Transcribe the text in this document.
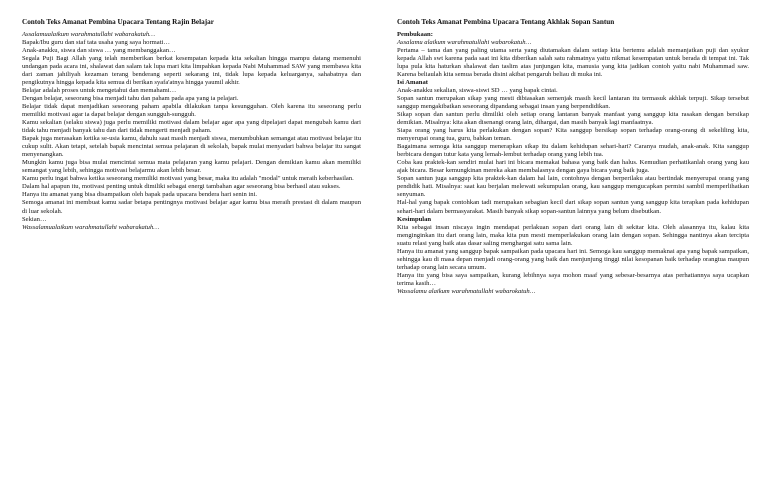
Contoh Teks Amanat Pembina Upacara Tentang Rajin Belajar

Assalamualaikum warahmatullahi wabarakatuh…

Bapak/Ibu guru dan staf tata usaha yang saya hormati…

Anak-anakku, siswa dan siswa … yang membanggakan…

Segala Puji Bagi Allah yang telah memberikan berkat kesempatan kepada kita sekalian hingga mampu datang memenuhi undangan pada acara ini, shalawat dan salam tak lupa mari kita limpahkan kepada Nabi Muhammad SAW yang membawa kita dari zaman jahiliyah kezaman terang benderang seperti sekarang ini, tidak lupa kepada keluarganya, sahabatnya dan pengikutnya hingga kepada kita semua di berikan syafa'atnya hingga yaumil akhir.

Belajar adalah proses untuk mengetahui dan memahami…

Dengan belajar, seseorang bisa menjadi tahu dan paham pada apa yang ia pelajari.

Belajar tidak dapat menjadikan seseorang paham apabila dilakukan tanpa kesungguhan. Oleh karena itu seseorang perlu memiliki motivasi agar ia dapat belajar dengan sungguh-sungguh.

Kamu sekalian (selaku siswa) juga perlu memiliki motivasi dalam belajar agar apa yang dipelajari dapat mengubah kamu dari tidak tahu menjadi banyak tahu dan dari tidak mengerti menjadi paham.

Bapak juga merasakan ketika se-usia kamu, dahulu saat masih menjadi siswa, menumbuhkan semangat atau motivasi belajar itu cukup sulit. Akan tetapi, setelah bapak mencintai semua pelajaran di sekolah, bapak mulai menyadari bahwa belajar itu sangat menyenangkan.

Mungkin kamu juga bisa mulai mencintai semua mata pelajaran yang kamu pelajari. Dengan demikian kamu akan memiliki semangat yang lebih, sehingga motivasi belajarmu akan lebih besar.

Kamu perlu ingat bahwa ketika seseorang memiliki motivasi yang besar, maka itu adalah "modal" untuk meraih keberhasilan.

Dalam hal apapun itu, motivasi penting untuk dimiliki sebagai energi tambahan agar seseorang bisa berhasil atau sukses.

Hanya itu amanat yang bisa disampaikan oleh bapak pada upacara bendera hari senin ini.

Semoga amanat ini membuat kamu sadar betapa pentingnya motivasi belajar agar kamu bisa meraih prestasi di dalam maupun di luar sekolah.

Sekian…

Wassalamualaikum warahmatullahi wabarakatuh…

Contoh Teks Amanat Pembina Upacara Tentang Akhlak Sopan Santun

Pembukaan:

Assalamu alaikum warahmatullahi wabarokatuh…

Pertama – tama dan yang paling utama serta yang diutamakan dalam setiap kita bertemu adalah memanjatkan puji dan syukur kepada Allah swt karena pada saat ini kita diberikan salah satu rahmatnya yaitu nikmat kesempatan untuk berada di tempat ini. Tak lupa pula kita haturkan shalawat dan taslim atas junjungan kita, manusia yang kita jadikan contoh yaitu nabi Muhammad saw. Karena beliaulah kita semua berada disini akibat pengaruh beliau di muka ini.

Isi Amanat

Anak-anakku sekalian, siswa-siswi SD … yang bapak cintai.

Sopan santun merupakan sikap yang mesti dibiasakan semenjak masih kecil lantaran itu termasuk akhlak terpuji. Sikap tersebut sanggup mengakibatkan seseorang dipandang sebagai insan yang berpendidikan.

Sikap sopan dan santun perlu dimiliki oleh setiap orang lantaran banyak manfaat yang sanggup kita rasakan dengan bersikap demikian. Misalnya: kita akan disenangi orang lain, dihargai, dan masih banyak lagi manfaatnya.

Siapa orang yang harus kita perlakukan dengan sopan? Kita sanggup bersikap sopan terhadap orang-orang di sekeliling kita, menyerupai orang tua, guru, bahkan teman.

Bagaimana semoga kita sanggup menerapkan sikap itu dalam kehidupan sehari-hari? Caranya mudah, anak-anak. Kita sanggup berbicara dengan tutur kata yang lemah-lembut terhadap orang yang lebih tua.

Coba kau praktek-kan sendiri mulai hari ini bicara memakai bahasa yang baik dan halus. Kemudian perhatikanlah orang yang kau ajak bicara. Besar kemungkinan mereka akan membalasnya dengan gaya bicara yang baik juga.

Sopan santun juga sanggup kita praktek-kan dalam hal lain, contohnya dengan berperilaku atau bertindak menyerupai orang yang pendidik hati. Misalnya: saat kau berjalan melewati sekumpulan orang, kau sanggup mengucapkan permisi sambil memperlihatkan senyuman.

Hal-hal yang bapak contohkan tadi merupakan sebagian kecil dari sikap sopan santun yang sanggup kita terapkan pada kehidupan sehari-hari dalam bermasyarakat. Masih banyak sikap sopan-santun lainnya yang belum disebutkan.

Kesimpulan

Kita sebagai insan niscaya ingin mendapat perlakuan sopan dari orang lain di sekitar kita. Oleh alasannya itu, kalau kita menginginkan itu dari orang lain, maka kita pun mesti memperlakukan orang lain dengan sopan. Sehingga nantinya akan tercipta suatu relasi yang baik atas dasar saling menghargai satu sama lain.

Hanya itu amanat yang sanggup bapak sampaikan pada upacara hari ini. Semoga kau sanggup memaknai apa yang bapak sampaikan, sehingga kau di masa depan menjadi orang-orang yang baik dan menjunjung tinggi nilai kesopanan baik terhadap orangtua maupun terhadap orang lain secara umum.

Hanya itu yang bisa saya sampaikan, kurang lebihnya saya mohon maaf yang sebesar-besarnya atas perhatiannya saya ucapkan terima kasih…

Wassalamu alaikum warahmatullahi wabarokatuh…
